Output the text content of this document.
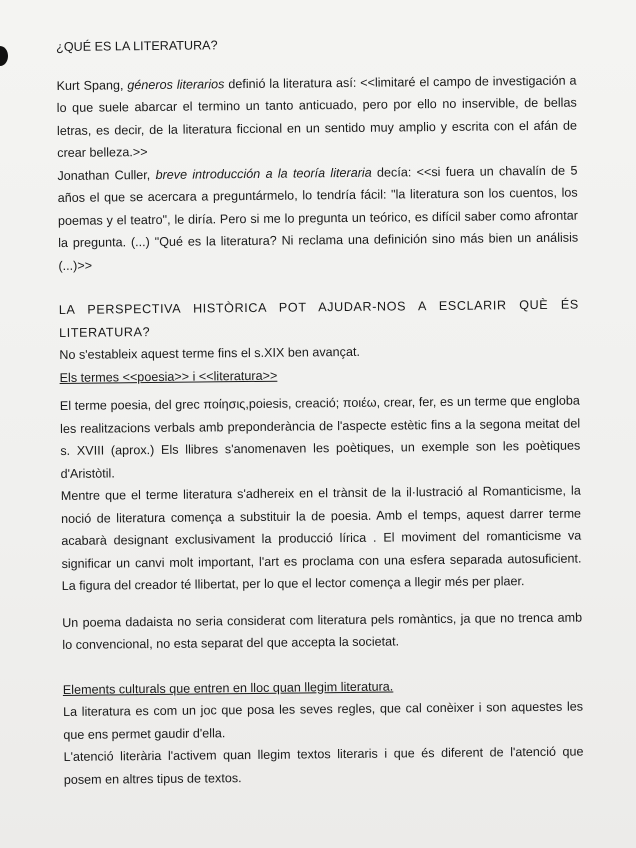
¿QUÉ ES LA LITERATURA?

Kurt Spang, géneros literarios definió la literatura así: <<limitaré el campo de investigación a lo que suele abarcar el termino un tanto anticuado, pero por ello no inservible, de bellas letras, es decir, de la literatura ficcional en un sentido muy amplio y escrita con el afán de crear belleza.>>

Jonathan Culler, breve introducción a la teoría literaria decía: <<si fuera un chavalín de 5 años el que se acercara a preguntármelo, lo tendría fácil: "la literatura son los cuentos, los poemas y el teatro", le diría. Pero si me lo pregunta un teórico, es difícil saber como afrontar la pregunta. (...) "Qué es la literatura? Ni reclama una definición sino más bien un análisis (...)>>

LA PERSPECTIVA HISTÒRICA POT AJUDAR-NOS A ESCLARIR QUÈ ÉS LITERATURA?

No s'estableix aquest terme fins el s.XIX ben avançat.

Els termes <<poesia>> i <<literatura>>

El terme poesia, del grec ποίησις,poiesis, creació; ποιέω, crear, fer, es un terme que engloba les realitzacions verbals amb preponderància de l'aspecte estètic fins a la segona meitat del s. XVIII (aprox.) Els llibres s'anomenaven les poètiques, un exemple son les poètiques d'Aristòtil.

Mentre que el terme literatura s'adhereix en el trànsit de la il·lustració al Romanticisme, la noció de literatura comença a substituir la de poesia. Amb el temps, aquest darrer terme acabarà designant exclusivament la producció lírica . El moviment del romanticisme va significar un canvi molt important, l'art es proclama con una esfera separada autosuficient. La figura del creador té llibertat, per lo que el lector comença a llegir més per plaer.

Un poema dadaista no seria considerat com literatura pels romàntics, ja que no trenca amb lo convencional, no esta separat del que accepta la societat.

Elements culturals que entren en lloc quan llegim literatura.

La literatura es com un joc que posa les seves regles, que cal conèixer i son aquestes les que ens permet gaudir d'ella.

L'atenció literària l'activem quan llegim textos literaris i que és diferent de l'atenció que posem en altres tipus de textos.
